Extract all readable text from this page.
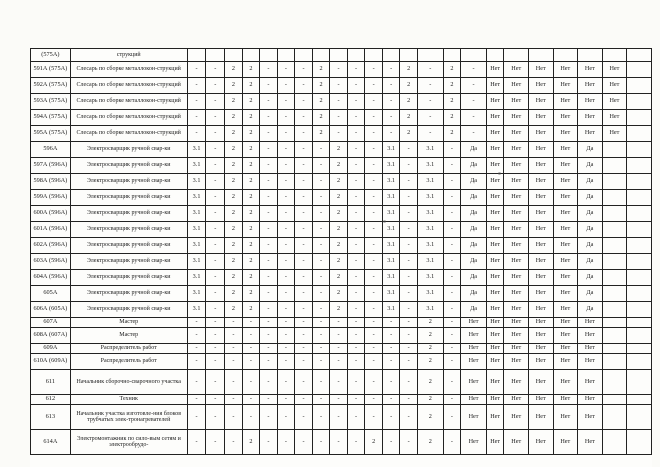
(575A)	струкций																							
591А (575А)	Слесарь по сборке металлокон-струкций	-	-	2	2	-	-	-	2	-	-	-	-	2	-	2	-	Нет	Нет	Нет	Нет	Нет	Нет	
592А (575А)	Слесарь по сборке металлокон-струкций	-	-	2	2	-	-	-	2	-	-	-	-	2	-	2	-	Нет	Нет	Нет	Нет	Нет	Нет	
593А (575А)	Слесарь по сборке металлокон-струкций	-	-	2	2	-	-	-	2	-	-	-	-	2	-	2	-	Нет	Нет	Нет	Нет	Нет	Нет	
594А (575А)	Слесарь по сборке металлокон-струкций	-	-	2	2	-	-	-	2	-	-	-	-	2	-	2	-	Нет	Нет	Нет	Нет	Нет	Нет	
595А (575А)	Слесарь по сборке металлокон-струкций	-	-	2	2	-	-	-	2	-	-	-	-	2	-	2	-	Нет	Нет	Нет	Нет	Нет	Нет	
596А	Электросварщик ручной свар-ки	3.1	-	2	2	-	-	-	-	2	-	-	3.1	-	3.1	-	Да	Нет	Нет	Нет	Нет	Да		
597А (596А)	Электросварщик ручной свар-ки	3.1	-	2	2	-	-	-	-	2	-	-	3.1	-	3.1	-	Да	Нет	Нет	Нет	Нет	Да		
598А (596А)	Электросварщик ручной свар-ки	3.1	-	2	2	-	-	-	-	2	-	-	3.1	-	3.1	-	Да	Нет	Нет	Нет	Нет	Да		
599А (596А)	Электросварщик ручной свар-ки	3.1	-	2	2	-	-	-	-	2	-	-	3.1	-	3.1	-	Да	Нет	Нет	Нет	Нет	Да		
600А (596А)	Электросварщик ручной свар-ки	3.1	-	2	2	-	-	-	-	2	-	-	3.1	-	3.1	-	Да	Нет	Нет	Нет	Нет	Да		
601А (596А)	Электросварщик ручной свар-ки	3.1	-	2	2	-	-	-	-	2	-	-	3.1	-	3.1	-	Да	Нет	Нет	Нет	Нет	Да		
602А (596А)	Электросварщик ручной свар-ки	3.1	-	2	2	-	-	-	-	2	-	-	3.1	-	3.1	-	Да	Нет	Нет	Нет	Нет	Да		
603А (596А)	Электросварщик ручной свар-ки	3.1	-	2	2	-	-	-	-	2	-	-	3.1	-	3.1	-	Да	Нет	Нет	Нет	Нет	Да		
604А (596А)	Электросварщик ручной свар-ки	3.1	-	2	2	-	-	-	-	2	-	-	3.1	-	3.1	-	Да	Нет	Нет	Нет	Нет	Да		
605А	Электросварщик ручной свар-ки	3.1	-	2	2	-	-	-	-	2	-	-	3.1	-	3.1	-	Да	Нет	Нет	Нет	Нет	Да		
606А (605А)	Электросварщик ручной свар-ки	3.1	-	2	2	-	-	-	-	2	-	-	3.1	-	3.1	-	Да	Нет	Нет	Нет	Нет	Да		
607А	Мастер	-	-	-	-	-	-	-	-	-	-	-	-	-	2	-	Нет	Нет	Нет	Нет	Нет	Нет		
608А (607А)	Мастер	-	-	-	-	-	-	-	-	-	-	-	-	-	2	-	Нет	Нет	Нет	Нет	Нет	Нет		
609А	Распределитель работ	-	-	-	-	-	-	-	-	-	-	-	-	-	2	-	Нет	Нет	Нет	Нет	Нет	Нет		
610А (609А)	Распределитель работ	-	-	-	-	-	-	-	-	-	-	-	-	-	2	-	Нет	Нет	Нет	Нет	Нет	Нет		
611	Начальник сборочно-сварочного участка	-	-	-	-	-	-	-	-	-	-	-	-	-	2	-	Нет	Нет	Нет	Нет	Нет	Нет		
612	Техник	-	-	-	-	-	-	-	-	-	-	-	-	-	2	-	Нет	Нет	Нет	Нет	Нет	Нет		
613	Начальник участка изготовле-ния блоков трубчатых элек-тронагревателей	-	-	-	-	-	-	-	-	-	-	-	-	-	2	-	Нет	Нет	Нет	Нет	Нет	Нет		
614А	Электромонтажник по сило-вым сетям и электрообрудо-	-	-	-	2	-	-	-	-	-	-	2	-	-	2	-	Нет	Нет	Нет	Нет	Нет	Нет		
